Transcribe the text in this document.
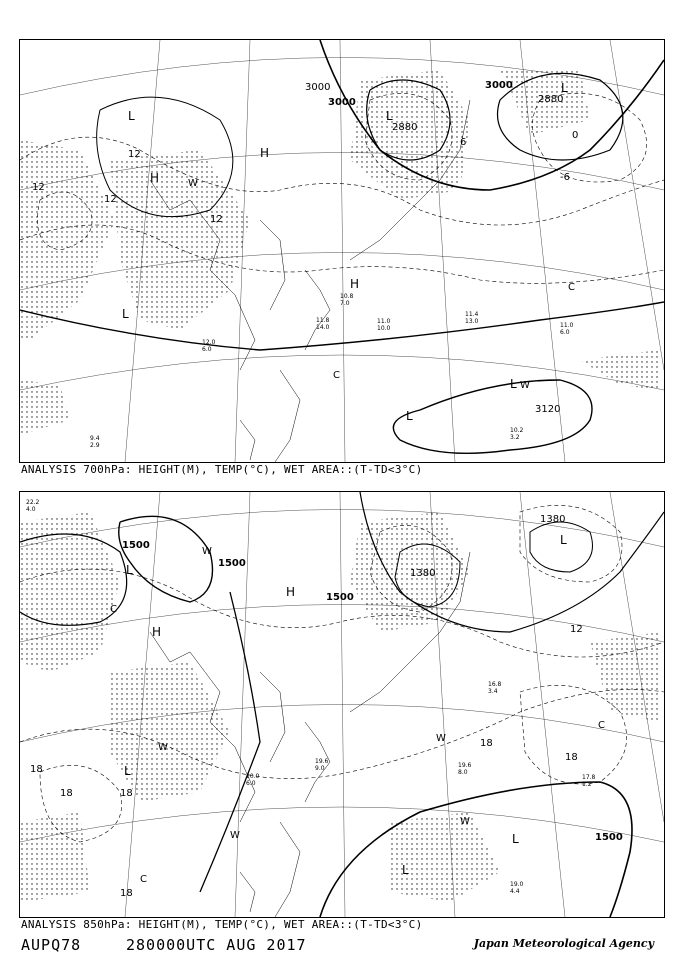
10.2
3.2
11.0
6.0
11.4
13.0
10.8
7.0
11.8
14.0
12.0
6.0
9.4
2.9
11.0
10.0
3000
3000	3000
2880
2880
3120
12
12
12
12
0
-6
6
L	L
L
L
L
L
H
H
H
W
W
C
C
ANALYSIS 700hPa: HEIGHT(M), TEMP(°C), WET AREA::(T-TD<3°C)
19.0
4.4
19.6
8.0
17.8
1.2
20.0
6.0
19.6
9.0
16.8
3.4
22.2
4.0
1500
1500
1500
1380
1380
1500
18
18	18
18
18
12
18
L
L
L
L
L
H
H
W
W
W
W
W
C
C
C
ANALYSIS 850hPa: HEIGHT(M), TEMP(°C), WET AREA::(T-TD<3°C)
AUPQ78	280000UTC AUG 2017	Japan Meteorological Agency
